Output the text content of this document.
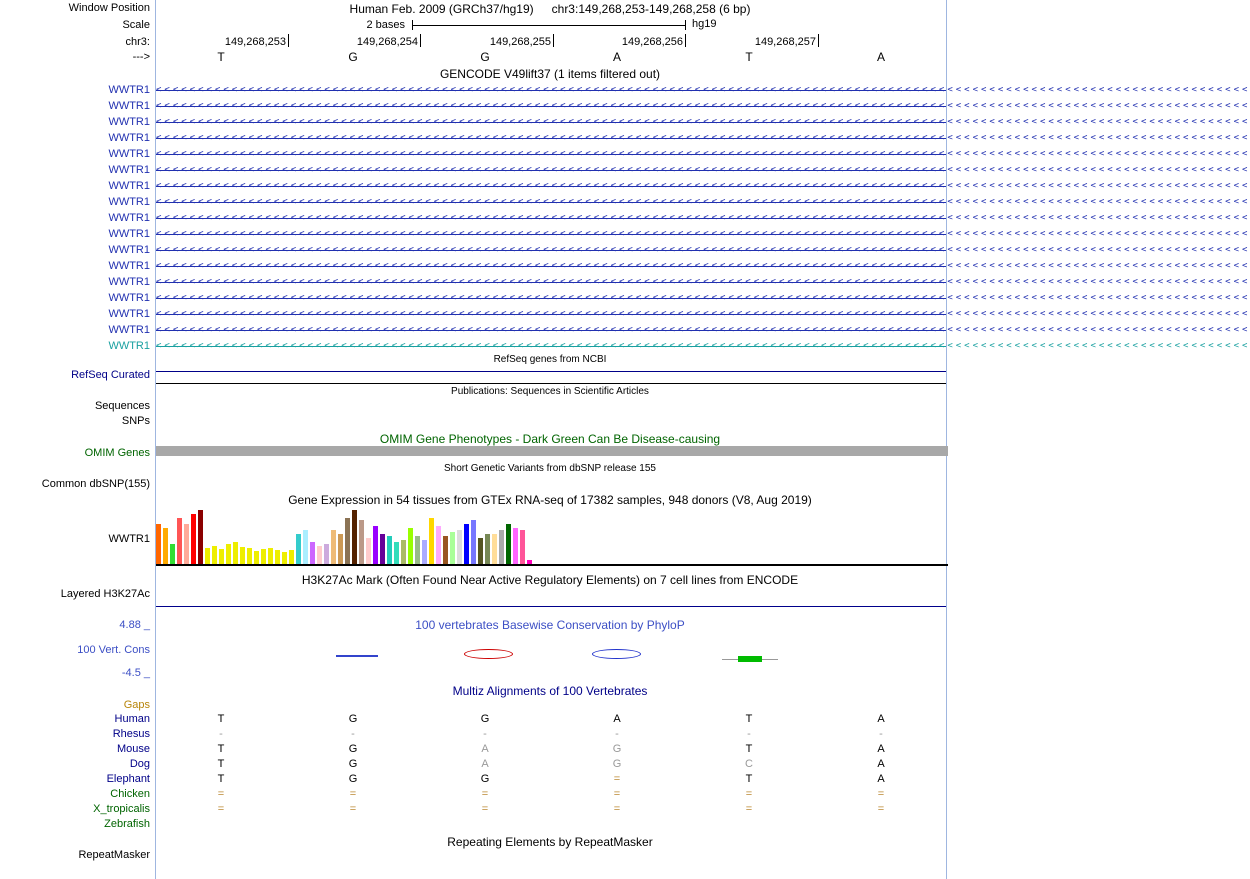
Window Position	Human Feb. 2009 (GRCh37/hg19) chr3:149,268,253-149,268,258 (6 bp)
Scale	2 bases	hg19
chr3:	149,268,253	149,268,254	149,268,255	149,268,256	149,268,257
--->	T	G	G	A	T	A
GENCODE V49lift37 (1 items filtered out)
WWTR1 <<<<<<<<<<<<<<<<<<<<<<<<<<<<<<<<<<<<<<<<<<<<<<<<<<<<<<<<<<<<<<<<<<<<<<<<<<<<<<<<<<<<<<<<<<<<<<<<<<<<<<<<<<<<<<<<<<<<<<<<<<<<<<<<<<
WWTR1 <<<<<<<<<<<<<<<<<<<<<<<<<<<<<<<<<<<<<<<<<<<<<<<<<<<<<<<<<<<<<<<<<<<<<<<<<<<<<<<<<<<<<<<<<<<<<<<<<<<<<<<<<<<<<<<<<<<<<<<<<<<<<<<<<<
WWTR1 <<<<<<<<<<<<<<<<<<<<<<<<<<<<<<<<<<<<<<<<<<<<<<<<<<<<<<<<<<<<<<<<<<<<<<<<<<<<<<<<<<<<<<<<<<<<<<<<<<<<<<<<<<<<<<<<<<<<<<<<<<<<<<<<<<
WWTR1 <<<<<<<<<<<<<<<<<<<<<<<<<<<<<<<<<<<<<<<<<<<<<<<<<<<<<<<<<<<<<<<<<<<<<<<<<<<<<<<<<<<<<<<<<<<<<<<<<<<<<<<<<<<<<<<<<<<<<<<<<<<<<<<<<<
WWTR1 <<<<<<<<<<<<<<<<<<<<<<<<<<<<<<<<<<<<<<<<<<<<<<<<<<<<<<<<<<<<<<<<<<<<<<<<<<<<<<<<<<<<<<<<<<<<<<<<<<<<<<<<<<<<<<<<<<<<<<<<<<<<<<<<<<
WWTR1 <<<<<<<<<<<<<<<<<<<<<<<<<<<<<<<<<<<<<<<<<<<<<<<<<<<<<<<<<<<<<<<<<<<<<<<<<<<<<<<<<<<<<<<<<<<<<<<<<<<<<<<<<<<<<<<<<<<<<<<<<<<<<<<<<<
WWTR1 <<<<<<<<<<<<<<<<<<<<<<<<<<<<<<<<<<<<<<<<<<<<<<<<<<<<<<<<<<<<<<<<<<<<<<<<<<<<<<<<<<<<<<<<<<<<<<<<<<<<<<<<<<<<<<<<<<<<<<<<<<<<<<<<<<
WWTR1 <<<<<<<<<<<<<<<<<<<<<<<<<<<<<<<<<<<<<<<<<<<<<<<<<<<<<<<<<<<<<<<<<<<<<<<<<<<<<<<<<<<<<<<<<<<<<<<<<<<<<<<<<<<<<<<<<<<<<<<<<<<<<<<<<<
WWTR1 <<<<<<<<<<<<<<<<<<<<<<<<<<<<<<<<<<<<<<<<<<<<<<<<<<<<<<<<<<<<<<<<<<<<<<<<<<<<<<<<<<<<<<<<<<<<<<<<<<<<<<<<<<<<<<<<<<<<<<<<<<<<<<<<<<
WWTR1 <<<<<<<<<<<<<<<<<<<<<<<<<<<<<<<<<<<<<<<<<<<<<<<<<<<<<<<<<<<<<<<<<<<<<<<<<<<<<<<<<<<<<<<<<<<<<<<<<<<<<<<<<<<<<<<<<<<<<<<<<<<<<<<<<<
WWTR1 <<<<<<<<<<<<<<<<<<<<<<<<<<<<<<<<<<<<<<<<<<<<<<<<<<<<<<<<<<<<<<<<<<<<<<<<<<<<<<<<<<<<<<<<<<<<<<<<<<<<<<<<<<<<<<<<<<<<<<<<<<<<<<<<<<
WWTR1 <<<<<<<<<<<<<<<<<<<<<<<<<<<<<<<<<<<<<<<<<<<<<<<<<<<<<<<<<<<<<<<<<<<<<<<<<<<<<<<<<<<<<<<<<<<<<<<<<<<<<<<<<<<<<<<<<<<<<<<<<<<<<<<<<<
WWTR1 <<<<<<<<<<<<<<<<<<<<<<<<<<<<<<<<<<<<<<<<<<<<<<<<<<<<<<<<<<<<<<<<<<<<<<<<<<<<<<<<<<<<<<<<<<<<<<<<<<<<<<<<<<<<<<<<<<<<<<<<<<<<<<<<<<
WWTR1 <<<<<<<<<<<<<<<<<<<<<<<<<<<<<<<<<<<<<<<<<<<<<<<<<<<<<<<<<<<<<<<<<<<<<<<<<<<<<<<<<<<<<<<<<<<<<<<<<<<<<<<<<<<<<<<<<<<<<<<<<<<<<<<<<<
WWTR1 <<<<<<<<<<<<<<<<<<<<<<<<<<<<<<<<<<<<<<<<<<<<<<<<<<<<<<<<<<<<<<<<<<<<<<<<<<<<<<<<<<<<<<<<<<<<<<<<<<<<<<<<<<<<<<<<<<<<<<<<<<<<<<<<<<
WWTR1 <<<<<<<<<<<<<<<<<<<<<<<<<<<<<<<<<<<<<<<<<<<<<<<<<<<<<<<<<<<<<<<<<<<<<<<<<<<<<<<<<<<<<<<<<<<<<<<<<<<<<<<<<<<<<<<<<<<<<<<<<<<<<<<<<<
WWTR1 <<<<<<<<<<<<<<<<<<<<<<<<<<<<<<<<<<<<<<<<<<<<<<<<<<<<<<<<<<<<<<<<<<<<<<<<<<<<<<<<<<<<<<<<<<<<<<<<<<<<<<<<<<<<<<<<<<<<<<<<<<<<<<<<<<
RefSeq genes from NCBI
RefSeq Curated
Publications: Sequences in Scientific Articles
Sequences
SNPs
OMIM Gene Phenotypes - Dark Green Can Be Disease-causing
OMIM Genes
Short Genetic Variants from dbSNP release 155
Common dbSNP(155)
Gene Expression in 54 tissues from GTEx RNA-seq of 17382 samples, 948 donors (V8, Aug 2019)
WWTR1
H3K27Ac Mark (Often Found Near Active Regulatory Elements) on 7 cell lines from ENCODE
Layered H3K27Ac
4.88 _	100 vertebrates Basewise Conservation by PhyloP
100 Vert. Cons
-4.5 _
Multiz Alignments of 100 Vertebrates
Gaps
Human	T	G	G	A	T	A
Rhesus	-	-	-	-	-	-
Mouse	T	G	A	G	T	A
Dog	T	G	A	G	C	A
Elephant	T	G	G	=	T	A
Chicken	=	=	=	=	=	=
X_tropicalis	=	=	=	=	=	=
Zebrafish
Repeating Elements by RepeatMasker
RepeatMasker
